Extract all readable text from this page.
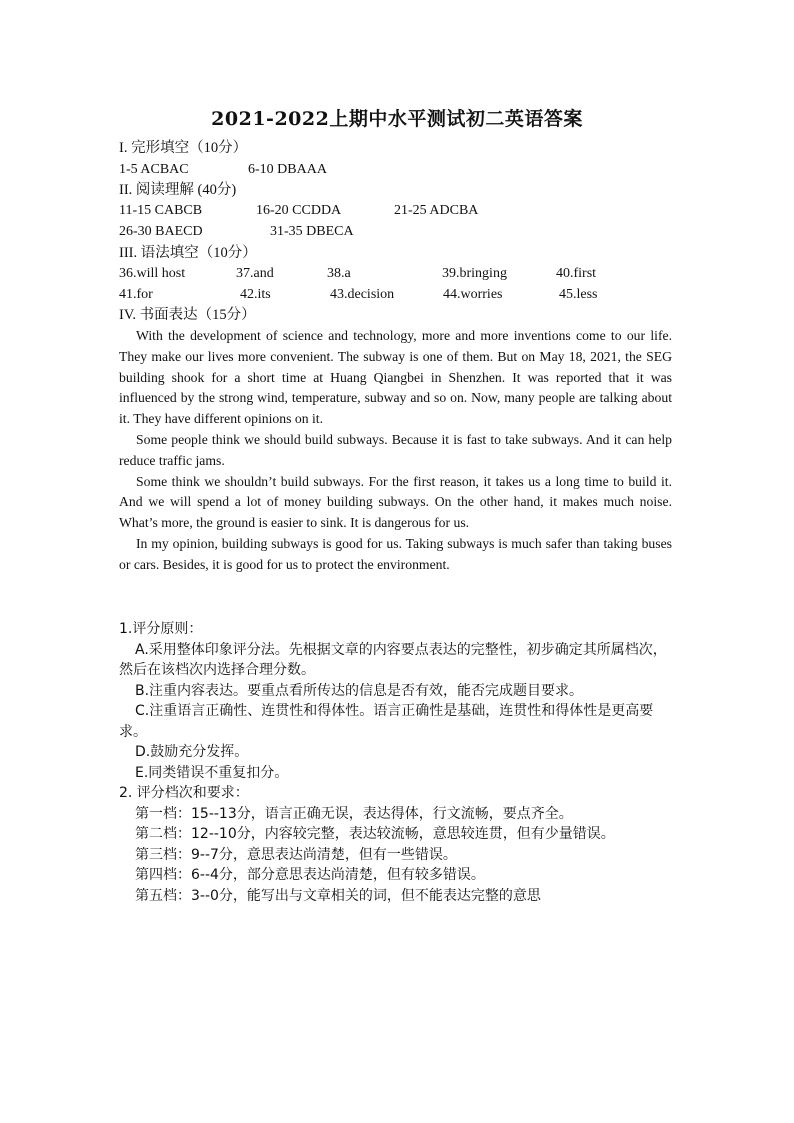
2021-2022上期中水平测试初二英语答案
I. 完形填空（10分）
1-5 ACBAC	6-10 DBAAA
II. 阅读理解 (40分)
11-15 CABCB	16-20 CCDDA	21-25 ADCBA
26-30 BAECD	31-35 DBECA
III. 语法填空（10分）
36.will host	37.and	38.a	39.bringing	40.first
41.for	42.its	43.decision	44.worries	45.less
IV. 书面表达（15分）

With the development of science and technology, more and more inventions come to our life. They make our lives more convenient. The subway is one of them. But on May 18, 2021, the SEG building shook for a short time at Huang Qiangbei in Shenzhen. It was reported that it was influenced by the strong wind, temperature, subway and so on. Now, many people are talking about it. They have different opinions on it.

Some people think we should build subways. Because it is fast to take subways. And it can help reduce traffic jams.

Some think we shouldn’t build subways. For the first reason, it takes us a long time to build it. And we will spend a lot of money building subways. On the other hand, it makes much noise. What’s more, the ground is easier to sink. It is dangerous for us.

In my opinion, building subways is good for us. Taking subways is much safer than taking buses or cars. Besides, it is good for us to protect the environment.

1.评分原则：

A.采用整体印象评分法。先根据文章的内容要点表达的完整性，初步确定其所属档次，然后在该档次内选择合理分数。

B.注重内容表达。要重点看所传达的信息是否有效，能否完成题目要求。

C.注重语言正确性、连贯性和得体性。语言正确性是基础，连贯性和得体性是更高要求。

D.鼓励充分发挥。

E.同类错误不重复扣分。

2. 评分档次和要求：

第一档：15--13分，语言正确无误，表达得体，行文流畅，要点齐全。

第二档：12--10分，内容较完整，表达较流畅，意思较连贯，但有少量错误。

第三档：9--7分，意思表达尚清楚，但有一些错误。

第四档：6--4分，部分意思表达尚清楚，但有较多错误。

第五档：3--0分，能写出与文章相关的词，但不能表达完整的意思
